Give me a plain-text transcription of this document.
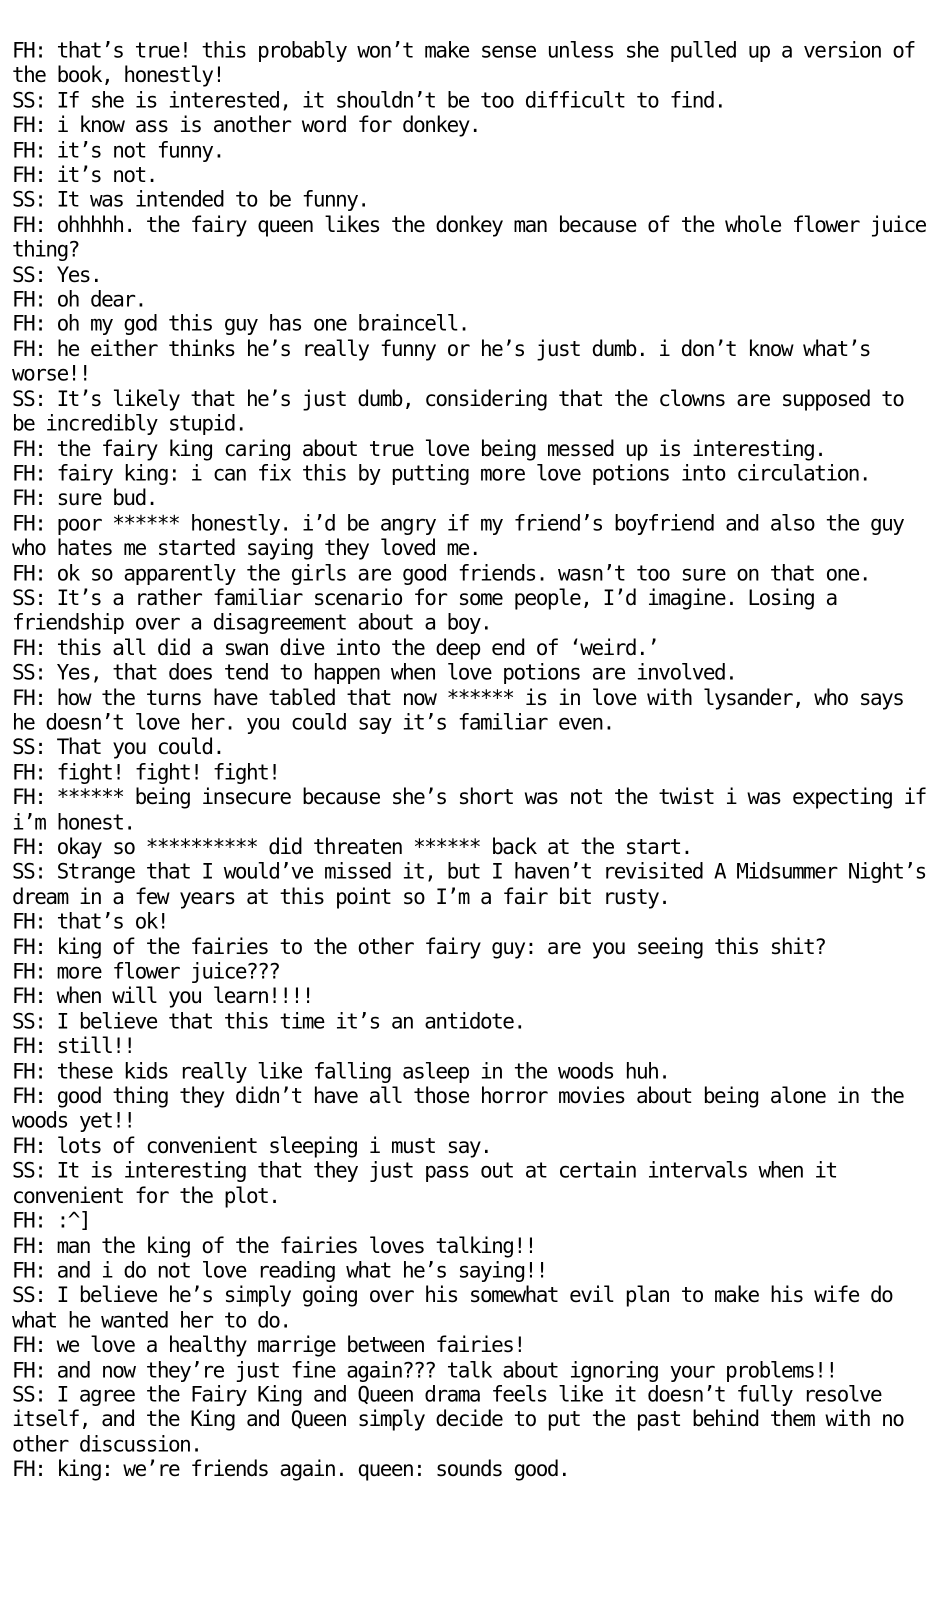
FH: that’s true! this probably won’t make sense unless she pulled up a version of the book, honestly!
SS: If she is interested, it shouldn’t be too difficult to find.
FH: i know ass is another word for donkey.
FH: it’s not funny.
FH: it’s not.
SS: It was intended to be funny.
FH: ohhhhh. the fairy queen likes the donkey man because of the whole flower juice thing?
SS: Yes.
FH: oh dear.
FH: oh my god this guy has one braincell.
FH: he either thinks he’s really funny or he’s just dumb. i don’t know what’s worse!!
SS: It’s likely that he’s just dumb, considering that the clowns are supposed to be incredibly stupid.
FH: the fairy king caring about true love being messed up is interesting.
FH: fairy king: i can fix this by putting more love potions into circulation.
FH: sure bud.
FH: poor ****** honestly. i’d be angry if my friend’s boyfriend and also the guy who hates me started saying they loved me.
FH: ok so apparently the girls are good friends. wasn’t too sure on that one.
SS: It’s a rather familiar scenario for some people, I’d imagine. Losing a friendship over a disagreement about a boy.
FH: this all did a swan dive into the deep end of ‘weird.’
SS: Yes, that does tend to happen when love potions are involved.
FH: how the turns have tabled that now ****** is in love with lysander, who says he doesn’t love her. you could say it’s familiar even.
SS: That you could.
FH: fight! fight! fight!
FH: ****** being insecure because she’s short was not the twist i was expecting if i’m honest.
FH: okay so ********** did threaten ****** back at the start.
SS: Strange that I would’ve missed it, but I haven’t revisited A Midsummer Night’s dream in a few years at this point so I’m a fair bit rusty.
FH: that’s ok!
FH: king of the fairies to the other fairy guy: are you seeing this shit?
FH: more flower juice???
FH: when will you learn!!!!
SS: I believe that this time it’s an antidote.
FH: still!!
FH: these kids really like falling asleep in the woods huh.
FH: good thing they didn’t have all those horror movies about being alone in the woods yet!!
FH: lots of convenient sleeping i must say.
SS: It is interesting that they just pass out at certain intervals when it convenient for the plot.
FH: :^]
FH: man the king of the fairies loves talking!!
FH: and i do not love reading what he’s saying!!
SS: I believe he’s simply going over his somewhat evil plan to make his wife do what he wanted her to do.
FH: we love a healthy marrige between fairies!
FH: and now they’re just fine again??? talk about ignoring your problems!!
SS: I agree the Fairy King and Queen drama feels like it doesn’t fully resolve itself, and the King and Queen simply decide to put the past behind them with no other discussion.
FH: king: we’re friends again. queen: sounds good.
